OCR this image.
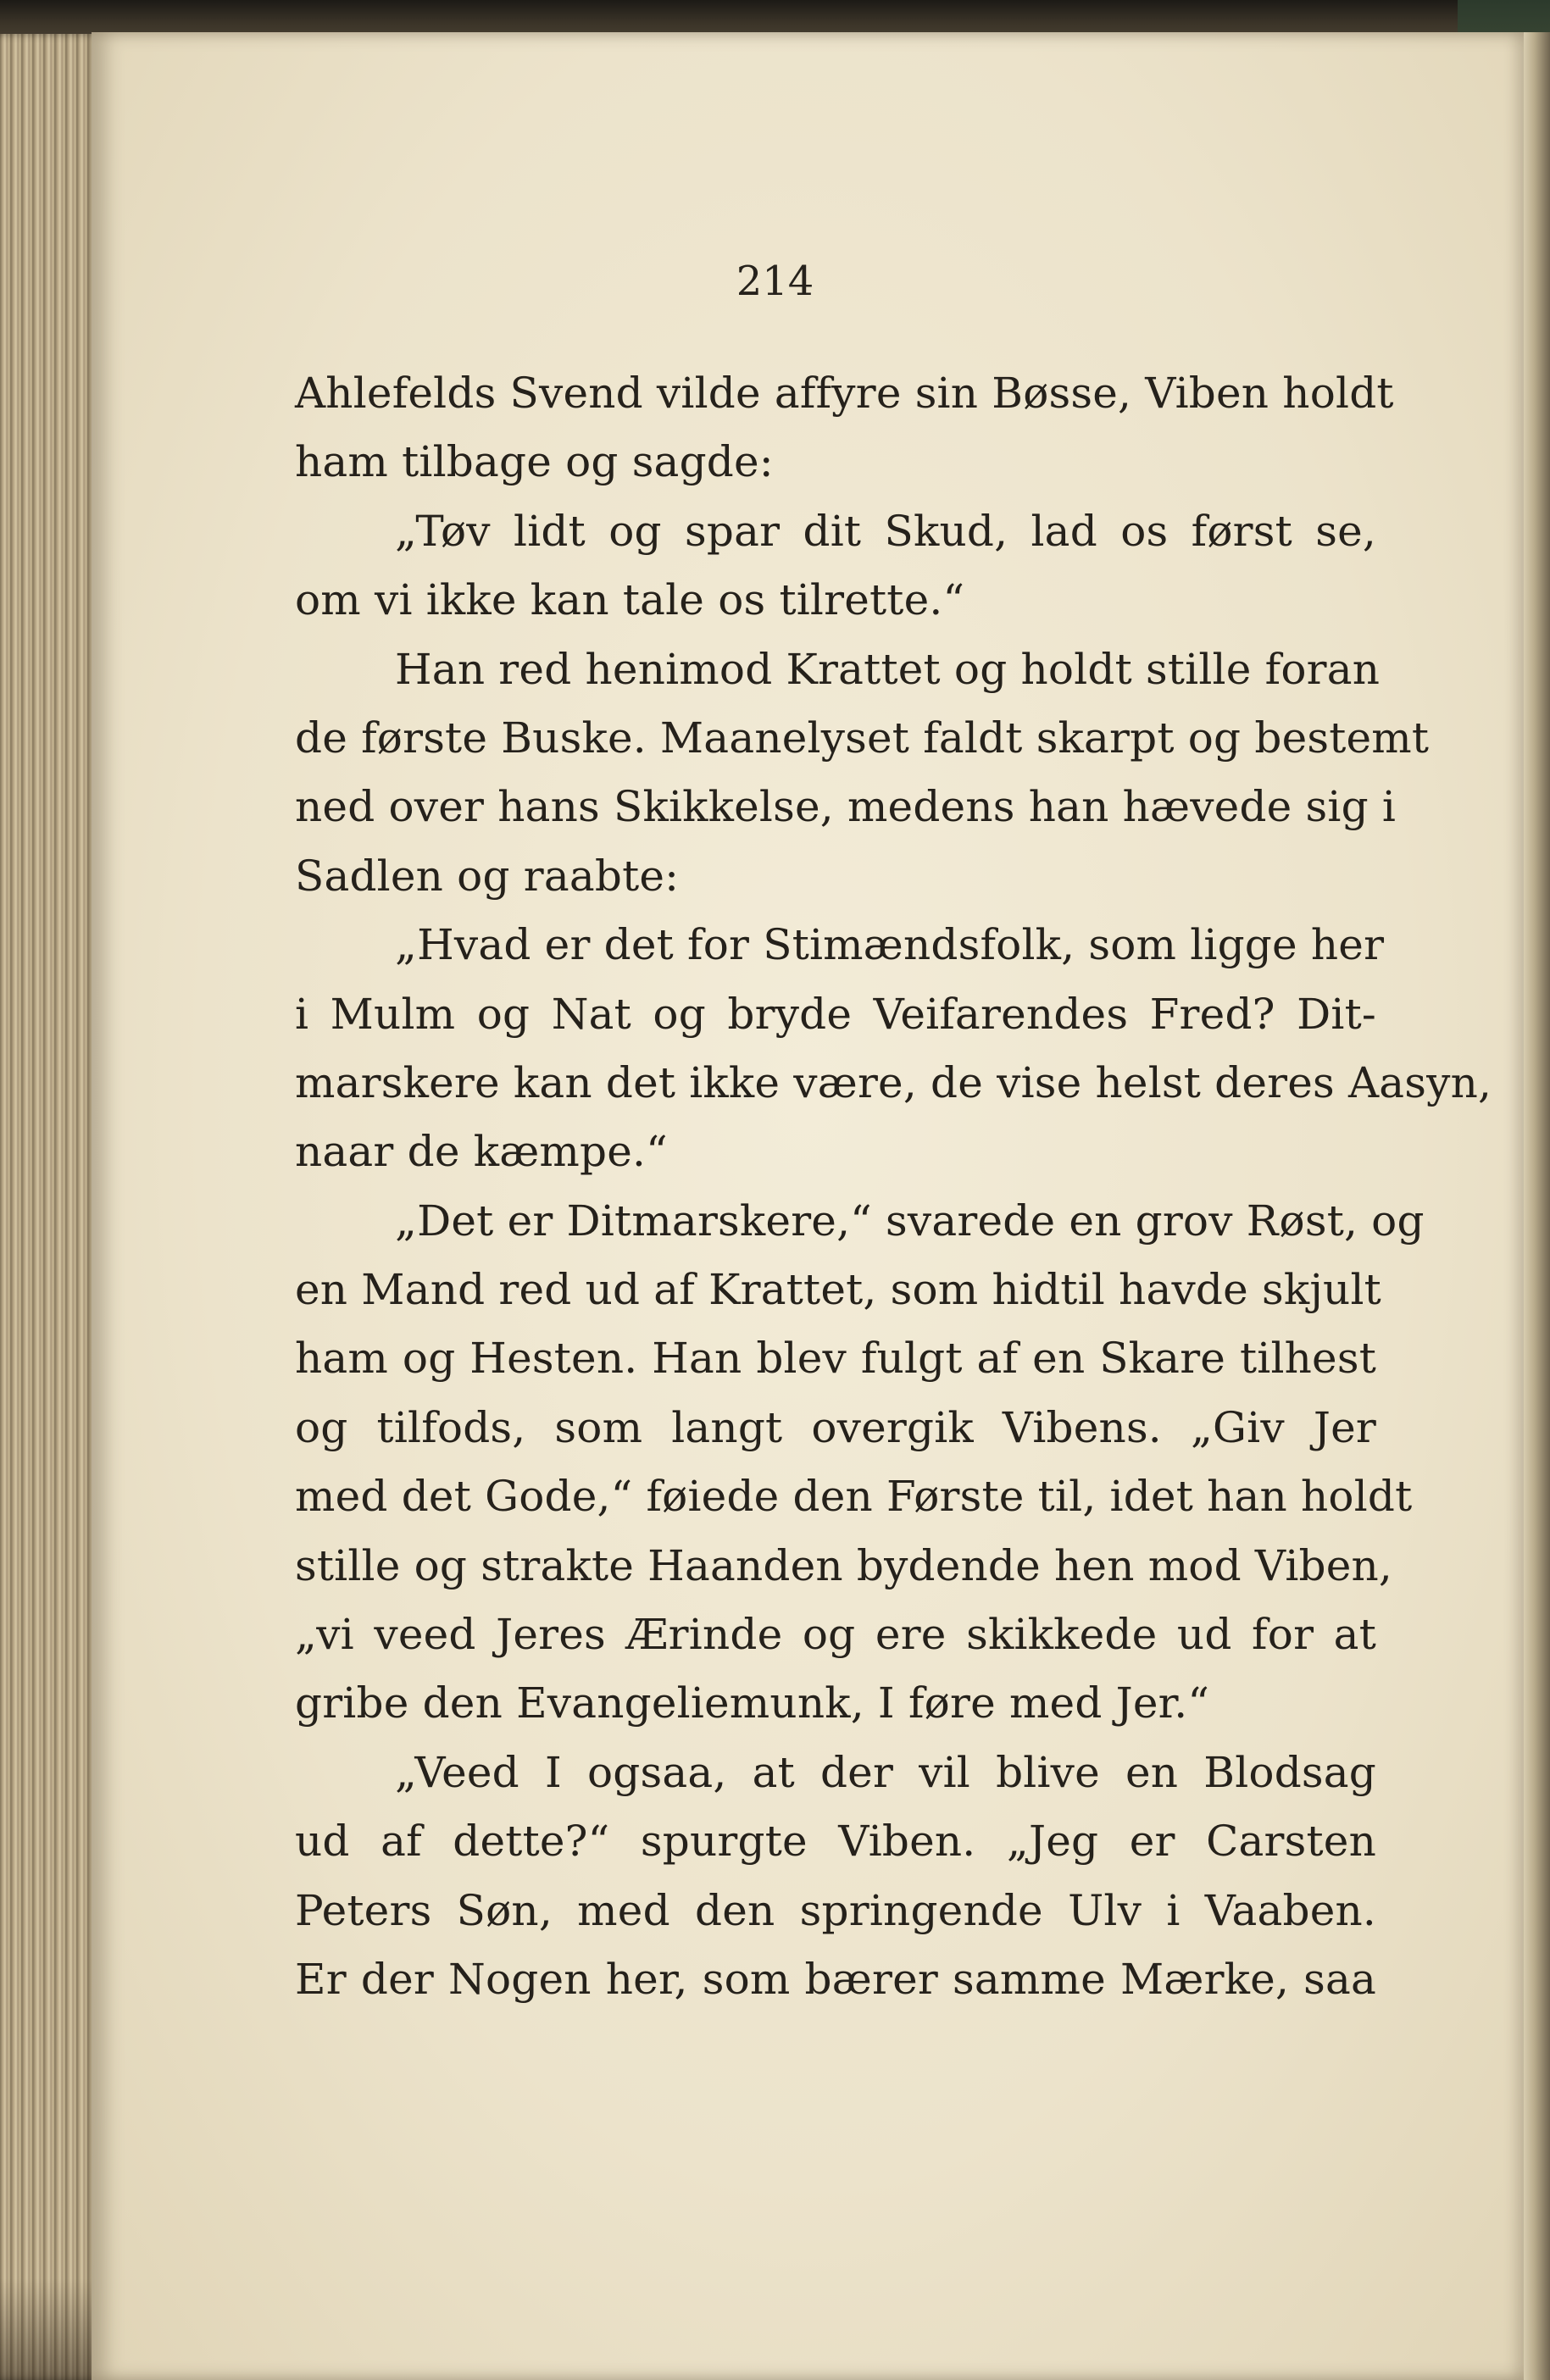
214
Ahlefelds Svend vilde affyre sin Bøsse, Viben holdt
ham tilbage og sagde:
„Tøv lidt og spar dit Skud, lad os først se,
om vi ikke kan tale os tilrette.“
Han red henimod Krattet og holdt stille foran
de første Buske. Maanelyset faldt skarpt og bestemt
ned over hans Skikkelse, medens han hævede sig i
Sadlen og raabte:
„Hvad er det for Stimændsfolk, som ligge her
i Mulm og Nat og bryde Veifarendes Fred? Dit-
marskere kan det ikke være, de vise helst deres Aasyn,
naar de kæmpe.“
„Det er Ditmarskere,“ svarede en grov Røst, og
en Mand red ud af Krattet, som hidtil havde skjult
ham og Hesten. Han blev fulgt af en Skare tilhest
og tilfods, som langt overgik Vibens. „Giv Jer
med det Gode,“ føiede den Første til, idet han holdt
stille og strakte Haanden bydende hen mod Viben,
„vi veed Jeres Ærinde og ere skikkede ud for at
gribe den Evangeliemunk, I føre med Jer.“
„Veed I ogsaa, at der vil blive en Blodsag
ud af dette?“ spurgte Viben. „Jeg er Carsten
Peters Søn, med den springende Ulv i Vaaben.
Er der Nogen her, som bærer samme Mærke, saa
